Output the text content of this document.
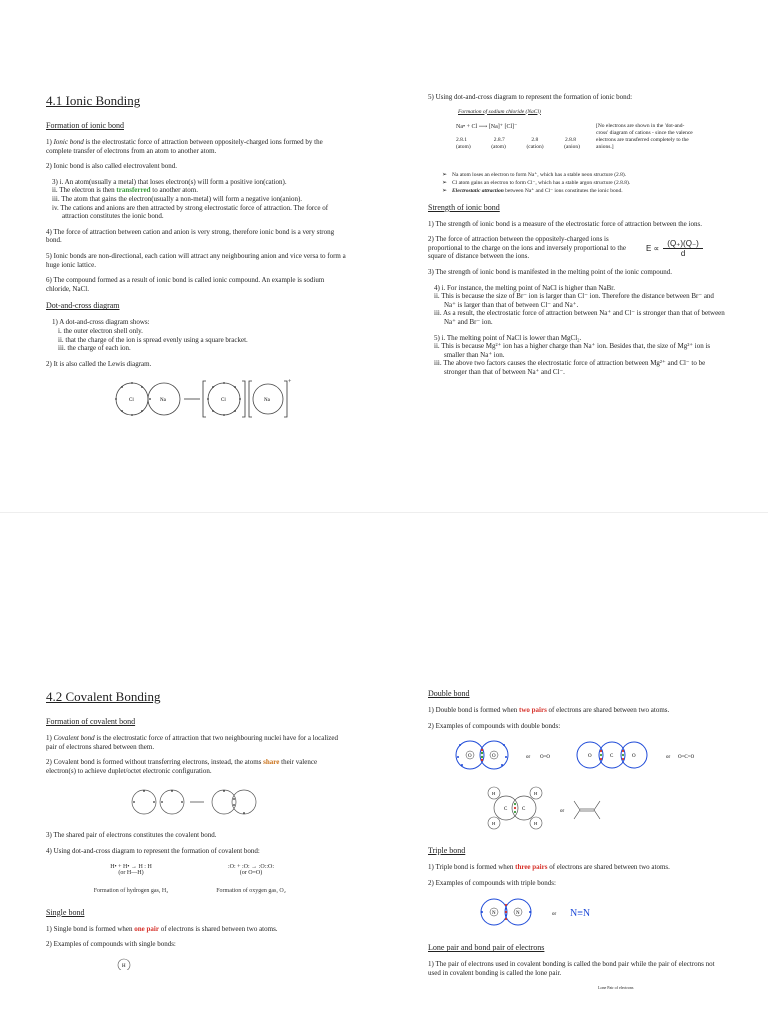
4.1 Ionic Bonding
Formation of ionic bond
1) Ionic bond is the electrostatic force of attraction between oppositely-charged ions formed by the complete transfer of electrons from an atom to another atom.
2) Ionic bond is also called electrovalent bond.
3) i. An atom(usually a metal) that loses electron(s) will form a positive ion(cation).
ii. The electron is then transferred to another atom.
iii. The atom that gains the electron(usually a non-metal) will form a negative ion(anion).
iv. The cations and anions are then attracted by strong electrostatic force of attraction. The force of attraction constitutes the ionic bond.
4) The force of attraction between cation and anion is very strong, therefore ionic bond is a very strong bond.
5) Ionic bonds are non-directional, each cation will attract any neighbouring anion and vice versa to form a huge ionic lattice.
6) The compound formed as a result of ionic bond is called ionic compound. An example is sodium chloride, NaCl.
Dot-and-cross diagram
1) A dot-and-cross diagram shows:
i. the outer electron shell only.
ii. that the charge of the ion is spread evenly using a square bracket.
iii. the charge of each ion.
2) It is also called the Lewis diagram.
Cl	Na	Cl	Na
+
5) Using dot-and-cross diagram to represent the formation of ionic bond:
Formation of sodium chloride (NaCl)
Na• + Cl ⟶ [Na]⁺ [Cl]⁻
2.8.1	2.8.7	2.8	2.8.8
(atom)	(atom)	(cation)	(anion)
[No electrons are shown in the 'dot-and-cross' diagram of cations - since the valence electrons are transferred completely to the anions.]
➢ Na atom loses an electron to form Na⁺, which has a stable neon structure (2.8).
➢ Cl atom gains an electron to form Cl⁻, which has a stable argon structure (2.8.8).
➢ Electrostatic attraction between Na⁺ and Cl⁻ ions constitutes the ionic bond.
Strength of ionic bond
1) The strength of ionic bond is a measure of the electrostatic force of attraction between the ions.
2) The force of attraction between the oppositely-charged ions is proportional to the charge on the ions and inversely proportional to the square of distance between the ions.
E ∝
(Q₊)(Q₋)
d
3) The strength of ionic bond is manifested in the melting point of the ionic compound.
4) i. For instance, the melting point of NaCl is higher than NaBr.
ii. This is because the size of Br⁻ ion is larger than Cl⁻ ion. Therefore the distance between Br⁻ and Na⁺ is larger than that of between Cl⁻ and Na⁺.
iii. As a result, the electrostatic force of attraction between Na⁺ and Cl⁻ is stronger than that of between Na⁺ and Br⁻ ion.
5) i. The melting point of NaCl is lower than MgCl₂.
ii. This is because Mg²⁺ ion has a higher charge than Na⁺ ion. Besides that, the size of Mg²⁺ ion is smaller than Na⁺ ion.
iii. The above two factors causes the electrostatic force of attraction between Mg²⁺ and Cl⁻ to be stronger than that of between Na⁺ and Cl⁻.
4.2 Covalent Bonding
Formation of covalent bond
1) Covalent bond is the electrostatic force of attraction that two neighbouring nuclei have for a localized pair of electrons shared between them.
2) Covalent bond is formed without transferring electrons, instead, the atoms share their valence electron(s) to achieve duplet/octet electronic configuration.
3) The shared pair of electrons constitutes the covalent bond.
4) Using dot-and-cross diagram to represent the formation of covalent bond:
H• + H• → H : H
(or H—H)
Formation of hydrogen gas, H₂
:O: + :O: → :O::O:
(or O=O)
Formation of oxygen gas, O₂
Single bond
1) Single bond is formed when one pair of electrons is shared between two atoms.
2) Examples of compounds with single bonds:
H
Double bond
1) Double bond is formed when two pairs of electrons are shared between two atoms.
2) Examples of compounds with double bonds:
O	O	or O=O	O	C	O	or O=C=O
H	H
H	H
C	C	or
Triple bond
1) Triple bond is formed when three pairs of electrons are shared between two atoms.
2) Examples of compounds with triple bonds:
N	N	or N≡N
Lone pair and bond pair of electrons
1) The pair of electrons used in covalent bonding is called the bond pair while the pair of electrons not used in covalent bonding is called the lone pair.
Lone Pair of electrons
